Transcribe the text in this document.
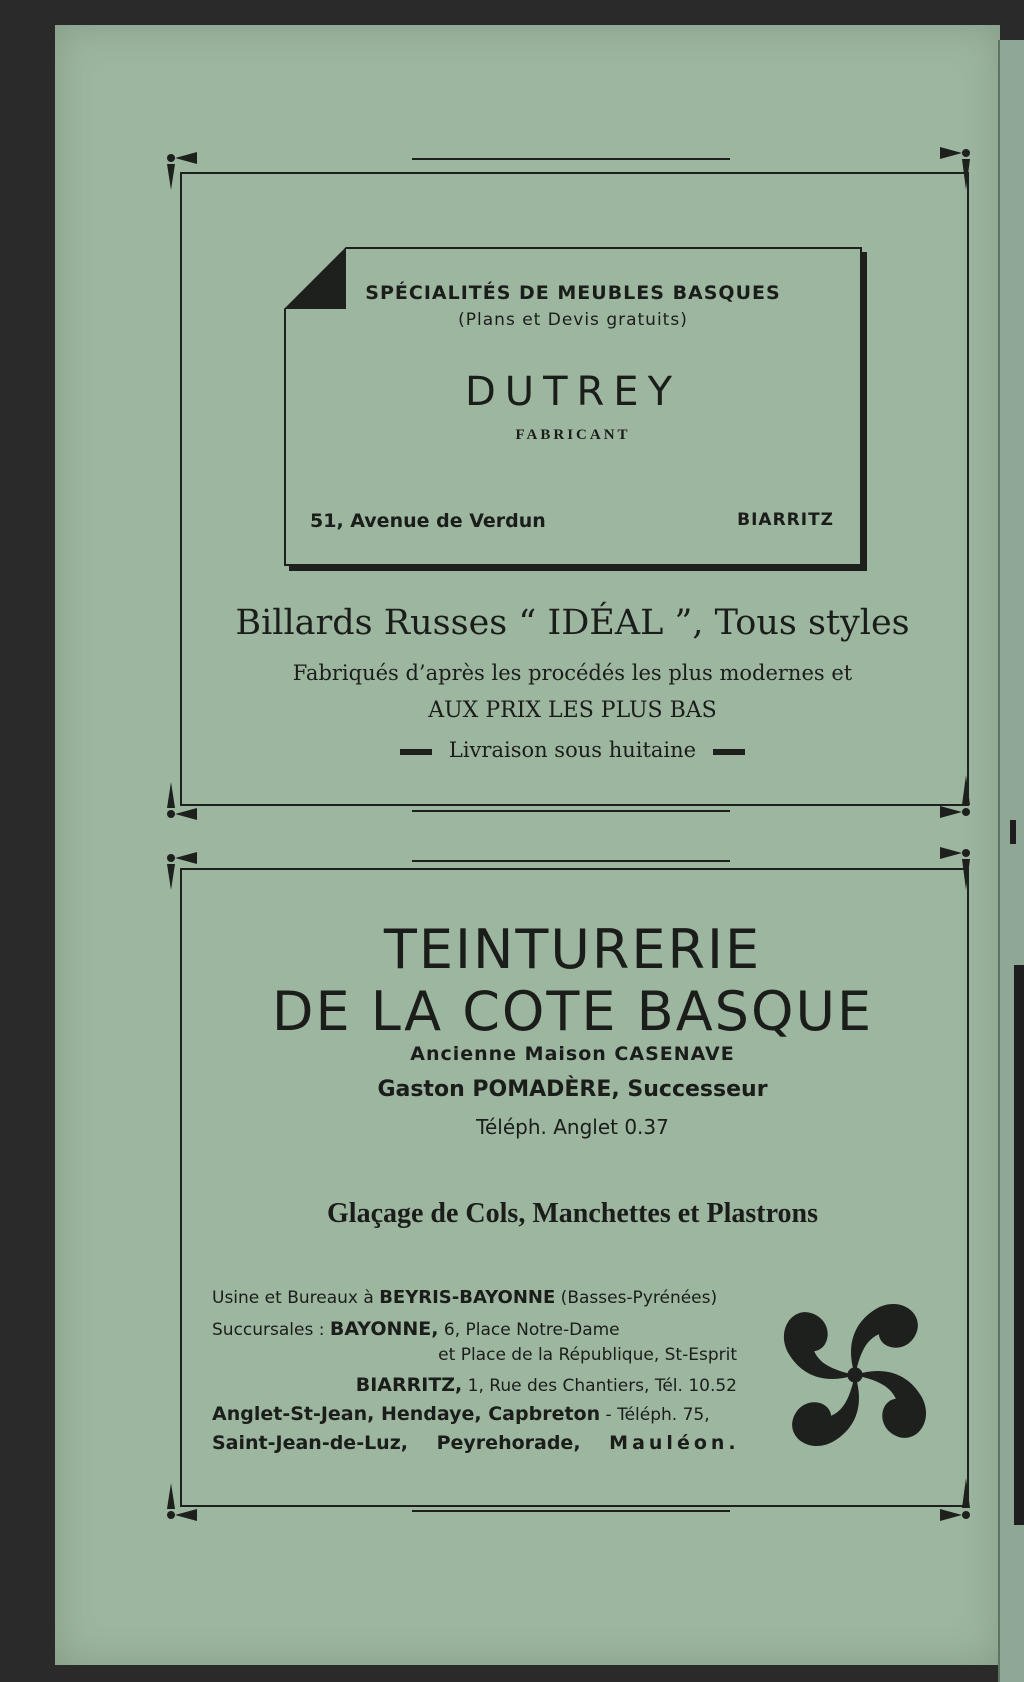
SPÉCIALITÉS DE MEUBLES BASQUES
(Plans et Devis gratuits)
DUTREY
FABRICANT
51, Avenue de Verdun	BIARRITZ
Billards Russes “ IDÉAL ”, Tous styles
Fabriqués d’après les procédés les plus modernes et
AUX PRIX LES PLUS BAS
Livraison sous huitaine
TEINTURERIE
DE LA COTE BASQUE
Ancienne Maison CASENAVE
Gaston POMADÈRE, Successeur
Téléph. Anglet 0.37
Glaçage de Cols, Manchettes et Plastrons
Usine et Bureaux à BEYRIS-BAYONNE (Basses-Pyrénées)
Succursales : BAYONNE, 6, Place Notre-Dame
et Place de la République, St-Esprit
BIARRITZ, 1, Rue des Chantiers, Tél. 10.52
Anglet-St-Jean, Hendaye, Capbreton - Téléph. 75,
Saint-Jean-de-Luz, Peyrehorade, Mauléon.
